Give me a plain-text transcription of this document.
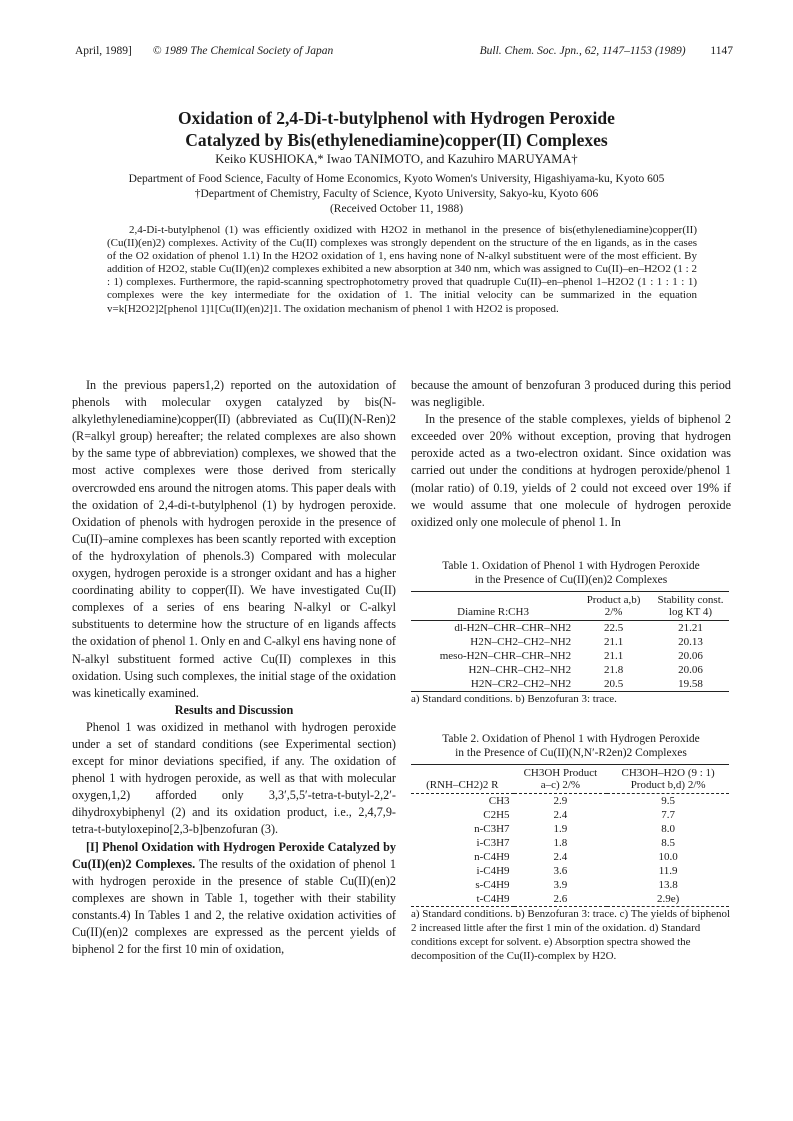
April, 1989] © 1989 The Chemical Society of Japan	Bull. Chem. Soc. Jpn., 62, 1147–1153 (1989) 1147
Oxidation of 2,4-Di-t-butylphenol with Hydrogen Peroxide
Catalyzed by Bis(ethylenediamine)copper(II) Complexes
Keiko KUSHIOKA,* Iwao TANIMOTO, and Kazuhiro MARUYAMA†
Department of Food Science, Faculty of Home Economics, Kyoto Women's University, Higashiyama-ku, Kyoto 605
†Department of Chemistry, Faculty of Science, Kyoto University, Sakyo-ku, Kyoto 606
(Received October 11, 1988)

2,4-Di-t-butylphenol (1) was efficiently oxidized with H2O2 in methanol in the presence of bis(ethylenediamine)copper(II) (Cu(II)(en)2) complexes. Activity of the Cu(II) complexes was strongly dependent on the structure of the en ligands, as in the cases of the O2 oxidation of phenol 1.1) In the H2O2 oxidation of 1, ens having none of N-alkyl substituent were of the most efficient. By addition of H2O2, stable Cu(II)(en)2 complexes exhibited a new absorption at 340 nm, which was assigned to Cu(II)–en–H2O2 (1 : 2 : 1) complexes. Furthermore, the rapid-scanning spectrophotometry proved that quadruple Cu(II)–en–phenol 1–H2O2 (1 : 1 : 1 : 1) complexes were the key intermediate for the oxidation of 1. The initial velocity can be summarized in the equation v=k[H2O2]2[phenol 1]1[Cu(II)(en)2]1. The oxidation mechanism of phenol 1 with H2O2 is proposed.

In the previous papers1,2) reported on the autoxidation of phenols with molecular oxygen catalyzed by bis(N-alkylethylenediamine)copper(II) (abbreviated as Cu(II)(N-Ren)2 (R=alkyl group) hereafter; the related complexes are also shown by the same type of abbreviation) complexes, we showed that the most active complexes were those derived from sterically overcrowded ens around the nitrogen atoms. This paper deals with the oxidation of 2,4-di-t-butylphenol (1) by hydrogen peroxide. Oxidation of phenols with hydrogen peroxide in the presence of Cu(II)–amine complexes has been scantly reported with exception of the hydroxylation of phenols.3) Compared with molecular oxygen, hydrogen peroxide is a stronger oxidant and has a higher coordinating ability to copper(II). We have investigated Cu(II) complexes of a series of ens bearing N-alkyl or C-alkyl substituents to determine how the structure of en ligands affects the oxidation of phenol 1. Only en and C-alkyl ens having none of N-alkyl substituent formed active Cu(II) complexes in this oxidation. Using such complexes, the initial stage of the oxidation was kinetically examined.

Results and Discussion

Phenol 1 was oxidized in methanol with hydrogen peroxide under a set of standard conditions (see Experimental section) except for minor deviations specified, if any. The oxidation of phenol 1 with hydrogen peroxide, as well as that with molecular oxygen,1,2) afforded only 3,3′,5,5′-tetra-t-butyl-2,2′-dihydroxybiphenyl (2) and its oxidation product, i.e., 2,4,7,9-tetra-t-butyloxepino[2,3-b]benzofuran (3).

[I] Phenol Oxidation with Hydrogen Peroxide Catalyzed by Cu(II)(en)2 Complexes. The results of the oxidation of phenol 1 with hydrogen peroxide in the presence of stable Cu(II)(en)2 complexes are shown in Table 1, together with their stability constants.4) In Tables 1 and 2, the relative oxidation activities of Cu(II)(en)2 complexes are expressed as the percent yields of biphenol 2 for the first 10 min of oxidation,

because the amount of benzofuran 3 produced during this period was negligible.

In the presence of the stable complexes, yields of biphenol 2 exceeded over 20% without exception, proving that hydrogen peroxide acted as a two-electron oxidant. Since oxidation was carried out under the conditions at hydrogen peroxide/phenol 1 (molar ratio) of 0.19, yields of 2 could not exceed over 19% if we would assume that one molecule of hydrogen peroxide oxidized only one molecule of phenol 1. In

Table 1. Oxidation of Phenol 1 with Hydrogen Peroxide
in the Presence of Cu(II)(en)2 Complexes
Diamine R:CH3	Product a,b) 2/%	Stability const. log KT 4)
dl-H2N–CHR–CHR–NH2	22.5	21.21
H2N–CH2–CH2–NH2	21.1	20.13
meso-H2N–CHR–CHR–NH2	21.1	20.06
H2N–CHR–CH2–NH2	21.8	20.06
H2N–CR2–CH2–NH2	20.5	19.58
a) Standard conditions. b) Benzofuran 3: trace.
Table 2. Oxidation of Phenol 1 with Hydrogen Peroxide
in the Presence of Cu(II)(N,N′-R2en)2 Complexes
(RNH–CH2)2 R	CH3OH Product a–c) 2/%	CH3OH–H2O (9 : 1) Product b,d) 2/%
CH3	2.9	9.5
C2H5	2.4	7.7
n-C3H7	1.9	8.0
i-C3H7	1.8	8.5
n-C4H9	2.4	10.0
i-C4H9	3.6	11.9
s-C4H9	3.9	13.8
t-C4H9	2.6	2.9e)
a) Standard conditions. b) Benzofuran 3: trace. c) The yields of biphenol 2 increased little after the first 1 min of the oxidation. d) Standard conditions except for solvent. e) Absorption spectra showed the decomposition of the Cu(II)-complex by H2O.
